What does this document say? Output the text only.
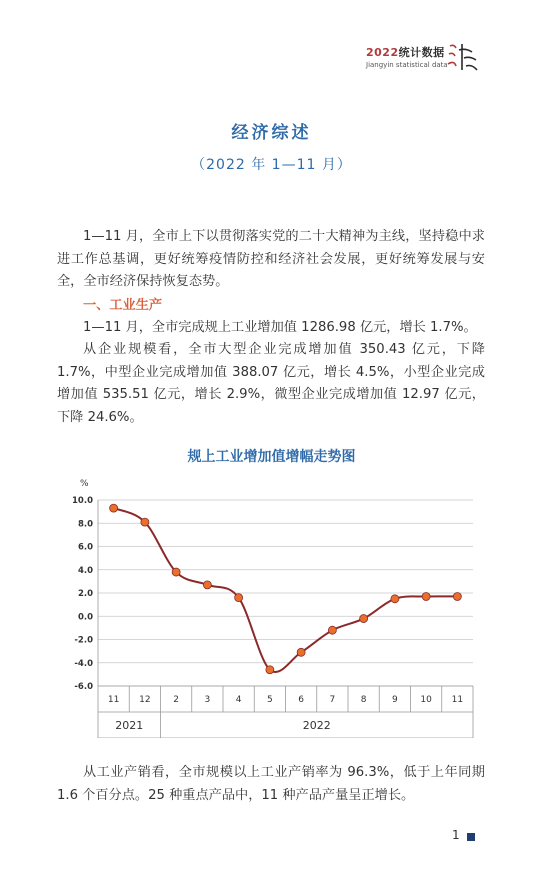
2022统计数据
Jiangyin statistical data
经济综述
（2022 年 1—11 月）
1—11 月，全市上下以贯彻落实党的二十大精神为主线，坚持稳中求进工作总基调，更好统筹疫情防控和经济社会发展，更好统筹发展与安全，全市经济保持恢复态势。
一、工业生产
1—11 月，全市完成规上工业增加值 1286.98 亿元，增长 1.7%。
从企业规模看，全市大型企业完成增加值 350.43 亿元，下降 1.7%，中型企业完成增加值 388.07 亿元，增长 4.5%，小型企业完成增加值 535.51 亿元，增长 2.9%，微型企业完成增加值 12.97 亿元，下降 24.6%。
规上工业增加值增幅走势图
%
10.0
8.0
6.0
4.0
2.0
0.0
-2.0
-4.0
-6.0
11 12	2	3	4	5	6	7	8	9	10 11
2021	2022
从工业产销看，全市规模以上工业产销率为 96.3%，低于上年同期 1.6 个百分点。25 种重点产品中，11 种产品产量呈正增长。
1
